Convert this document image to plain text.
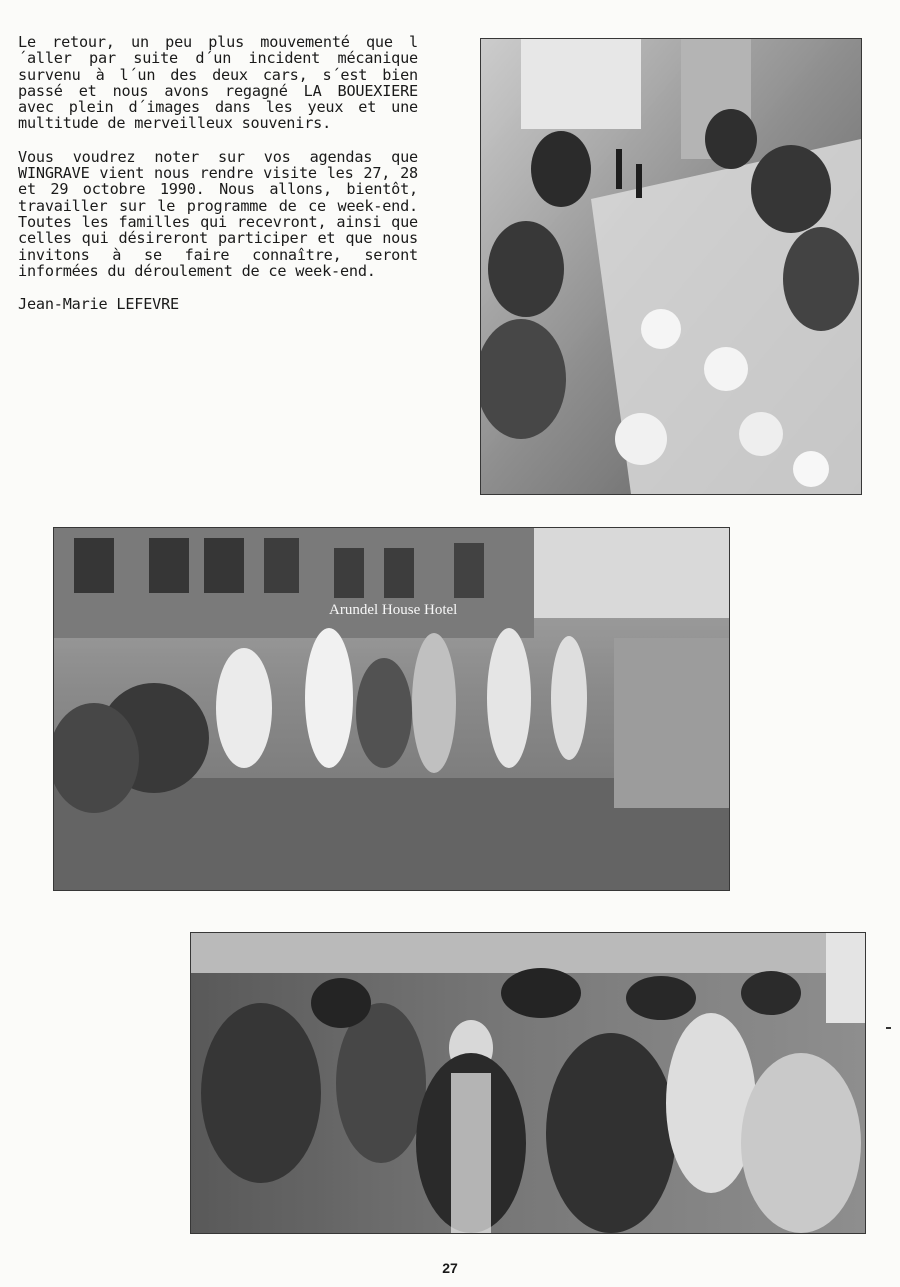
Le retour, un peu plus mouvementé que l´aller par suite d´un incident mécanique survenu à l´un des deux cars, s´est bien passé et nous avons regagné LA BOUEXIERE avec plein d´images dans les yeux et une multitude de merveilleux souvenirs.

Vous voudrez noter sur vos agendas que WINGRAVE vient nous rendre visite les 27, 28 et 29 octobre 1990. Nous allons, bientôt, travailler sur le programme de ce week-end. Toutes les familles qui recevront, ainsi que celles qui désireront participer et que nous invitons à se faire connaître, seront informées du déroulement de ce week-end.

Jean-Marie LEFEVRE
Arundel House Hotel
27
